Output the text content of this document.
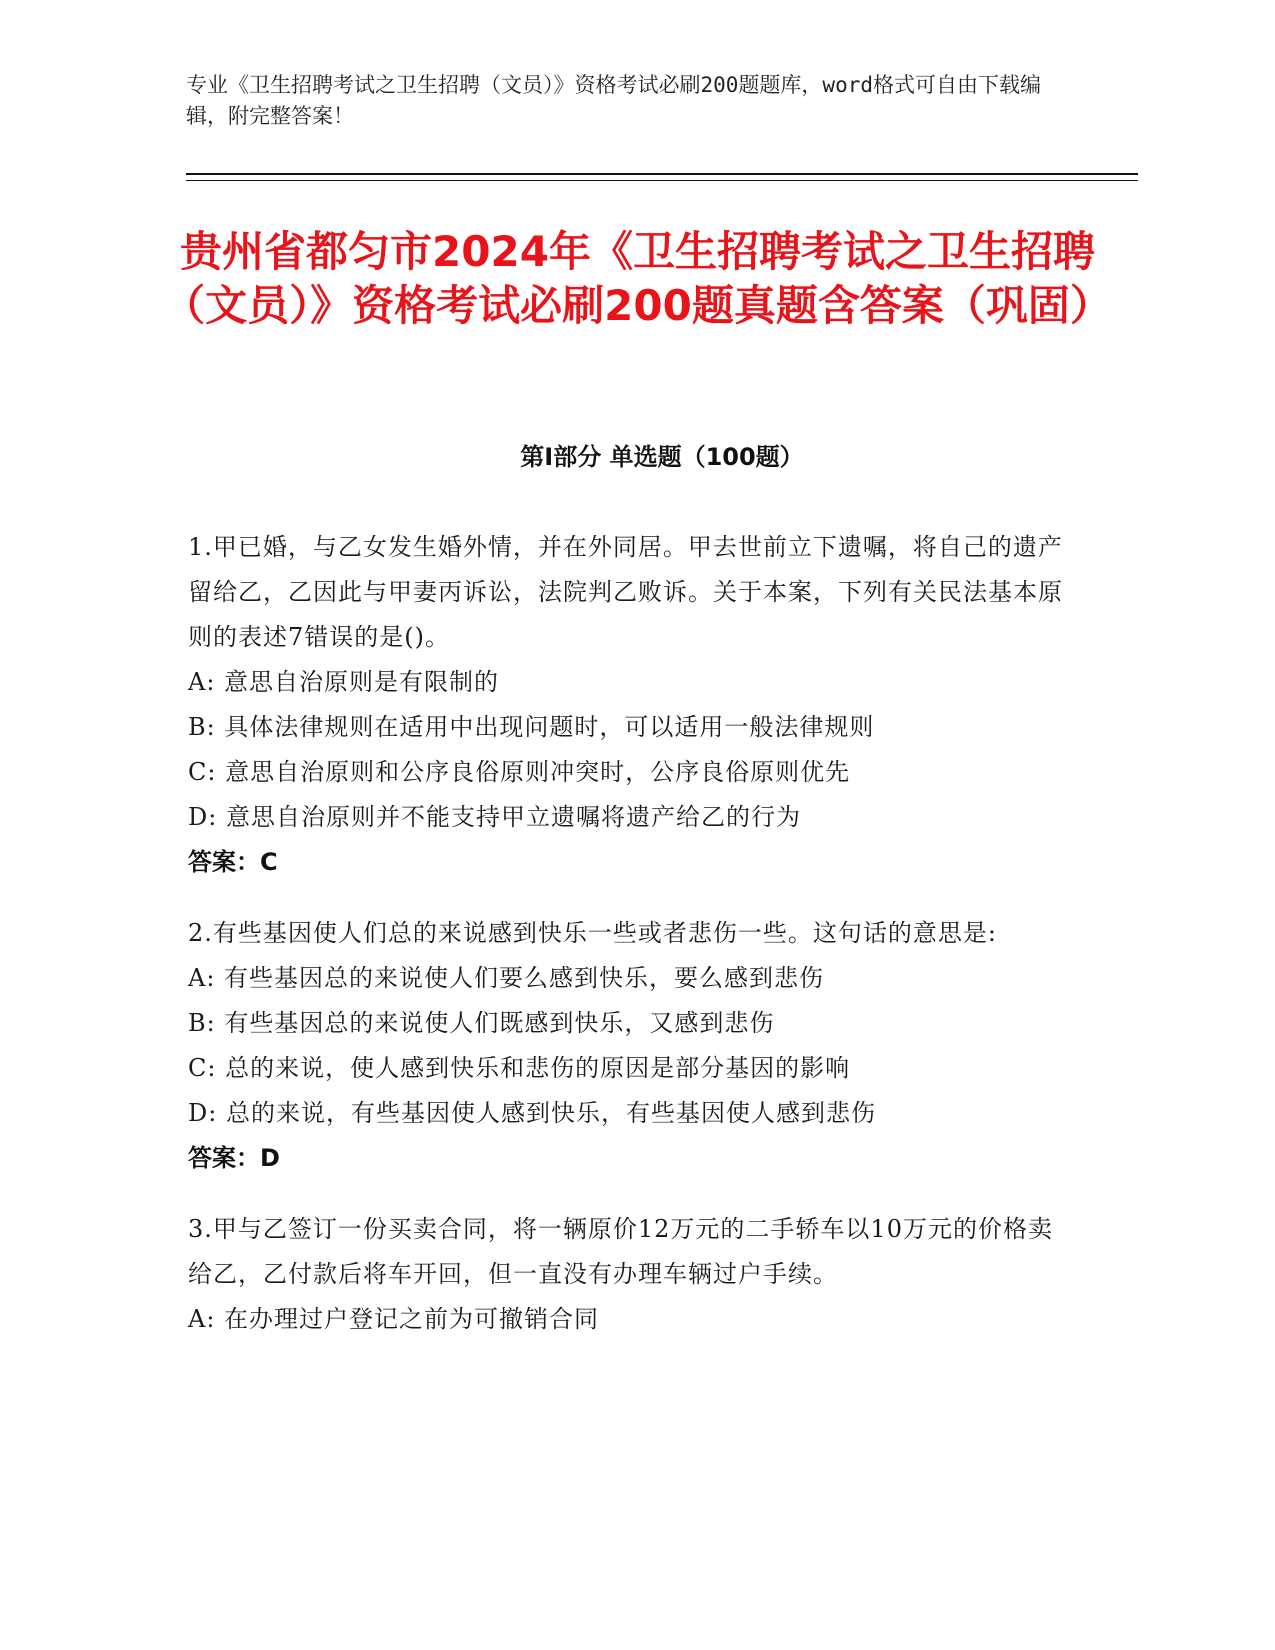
专业《卫生招聘考试之卫生招聘（文员）》资格考试必刷200题题库，word格式可自由下载编辑，附完整答案！
贵州省都匀市2024年《卫生招聘考试之卫生招聘（文员）》资格考试必刷200题真题含答案（巩固）
第Ⅰ部分 单选题（100题）
1.甲已婚，与乙女发生婚外情，并在外同居。甲去世前立下遗嘱，将自己的遗产留给乙，乙因此与甲妻丙诉讼，法院判乙败诉。关于本案，下列有关民法基本原则的表述7错误的是()。
A: 意思自治原则是有限制的
B: 具体法律规则在适用中出现问题时，可以适用一般法律规则
C: 意思自治原则和公序良俗原则冲突时，公序良俗原则优先
D: 意思自治原则并不能支持甲立遗嘱将遗产给乙的行为
答案：C
2.有些基因使人们总的来说感到快乐一些或者悲伤一些。这句话的意思是:
A: 有些基因总的来说使人们要么感到快乐，要么感到悲伤
B: 有些基因总的来说使人们既感到快乐，又感到悲伤
C: 总的来说，使人感到快乐和悲伤的原因是部分基因的影响
D: 总的来说，有些基因使人感到快乐，有些基因使人感到悲伤
答案：D
3.甲与乙签订一份买卖合同，将一辆原价12万元的二手轿车以10万元的价格卖给乙，乙付款后将车开回，但一直没有办理车辆过户手续。
A: 在办理过户登记之前为可撤销合同
